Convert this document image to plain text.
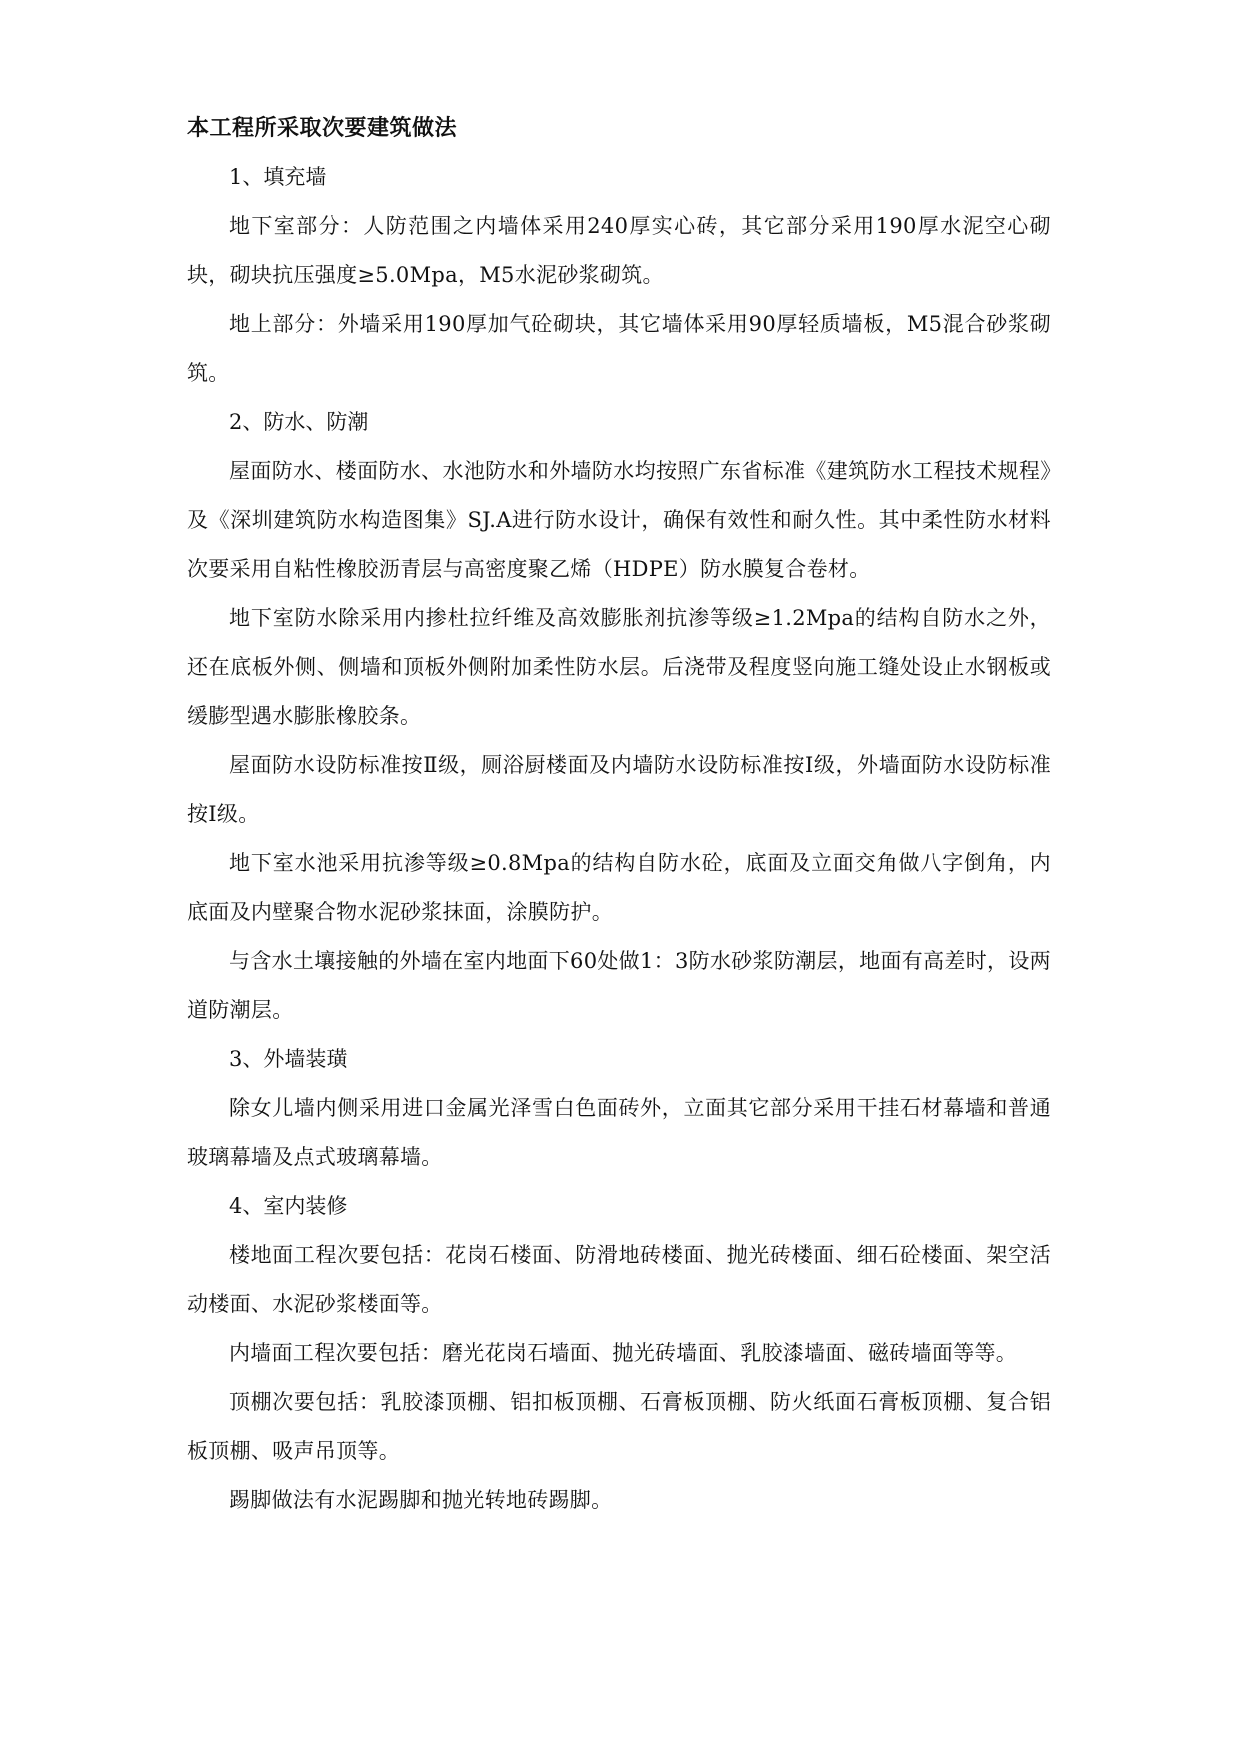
本工程所采取次要建筑做法

1、填充墙

地下室部分：人防范围之内墙体采用240厚实心砖，其它部分采用190厚水泥空心砌块，砌块抗压强度≥5.0Mpa，M5水泥砂浆砌筑。

地上部分：外墙采用190厚加气砼砌块，其它墙体采用90厚轻质墙板，M5混合砂浆砌筑。

2、防水、防潮

屋面防水、楼面防水、水池防水和外墙防水均按照广东省标准《建筑防水工程技术规程》及《深圳建筑防水构造图集》SJ.A进行防水设计，确保有效性和耐久性。其中柔性防水材料次要采用自粘性橡胶沥青层与高密度聚乙烯（HDPE）防水膜复合卷材。

地下室防水除采用内掺杜拉纤维及高效膨胀剂抗渗等级≥1.2Mpa的结构自防水之外，还在底板外侧、侧墙和顶板外侧附加柔性防水层。后浇带及程度竖向施工缝处设止水钢板或缓膨型遇水膨胀橡胶条。

屋面防水设防标准按Ⅱ级，厕浴厨楼面及内墙防水设防标准按Ⅰ级，外墙面防水设防标准按Ⅰ级。

地下室水池采用抗渗等级≥0.8Mpa的结构自防水砼，底面及立面交角做八字倒角，内底面及内壁聚合物水泥砂浆抹面，涂膜防护。

与含水土壤接触的外墙在室内地面下60处做1：3防水砂浆防潮层，地面有高差时，设两道防潮层。

3、外墙装璜

除女儿墙内侧采用进口金属光泽雪白色面砖外，立面其它部分采用干挂石材幕墙和普通玻璃幕墙及点式玻璃幕墙。

4、室内装修

楼地面工程次要包括：花岗石楼面、防滑地砖楼面、抛光砖楼面、细石砼楼面、架空活动楼面、水泥砂浆楼面等。

内墙面工程次要包括：磨光花岗石墙面、抛光砖墙面、乳胶漆墙面、磁砖墙面等等。

顶棚次要包括：乳胶漆顶棚、铝扣板顶棚、石膏板顶棚、防火纸面石膏板顶棚、复合铝板顶棚、吸声吊顶等。

踢脚做法有水泥踢脚和抛光转地砖踢脚。
